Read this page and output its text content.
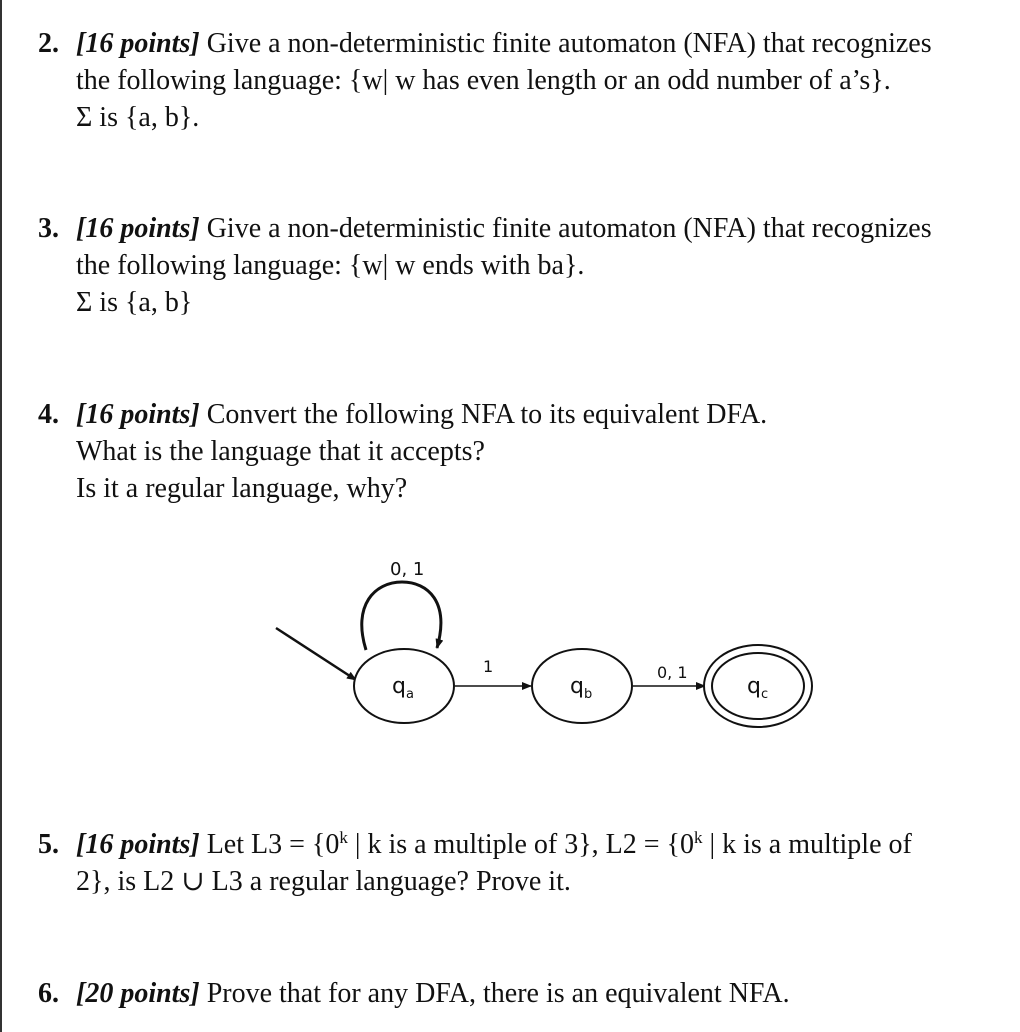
2. [16 points] Give a non-deterministic finite automaton (NFA) that recognizes
the following language: {w| w has even length or an odd number of a’s}.
Σ is {a, b}.
3. [16 points] Give a non-deterministic finite automaton (NFA) that recognizes
the following language: {w| w ends with ba}.
Σ is {a, b}
4. [16 points] Convert the following NFA to its equivalent DFA.
What is the language that it accepts?
Is it a regular language, why?
0, 1
$q_a$
1
$q_b$
0, 1
$q_c$
5. [16 points] Let $L3 = \{0^k$ | k is a multiple of 3}, $L2 = \{0^k$ | k is a multiple of
2}, is L2 ∪ L3 a regular language? Prove it.
6. [20 points] Prove that for any DFA, there is an equivalent NFA.
